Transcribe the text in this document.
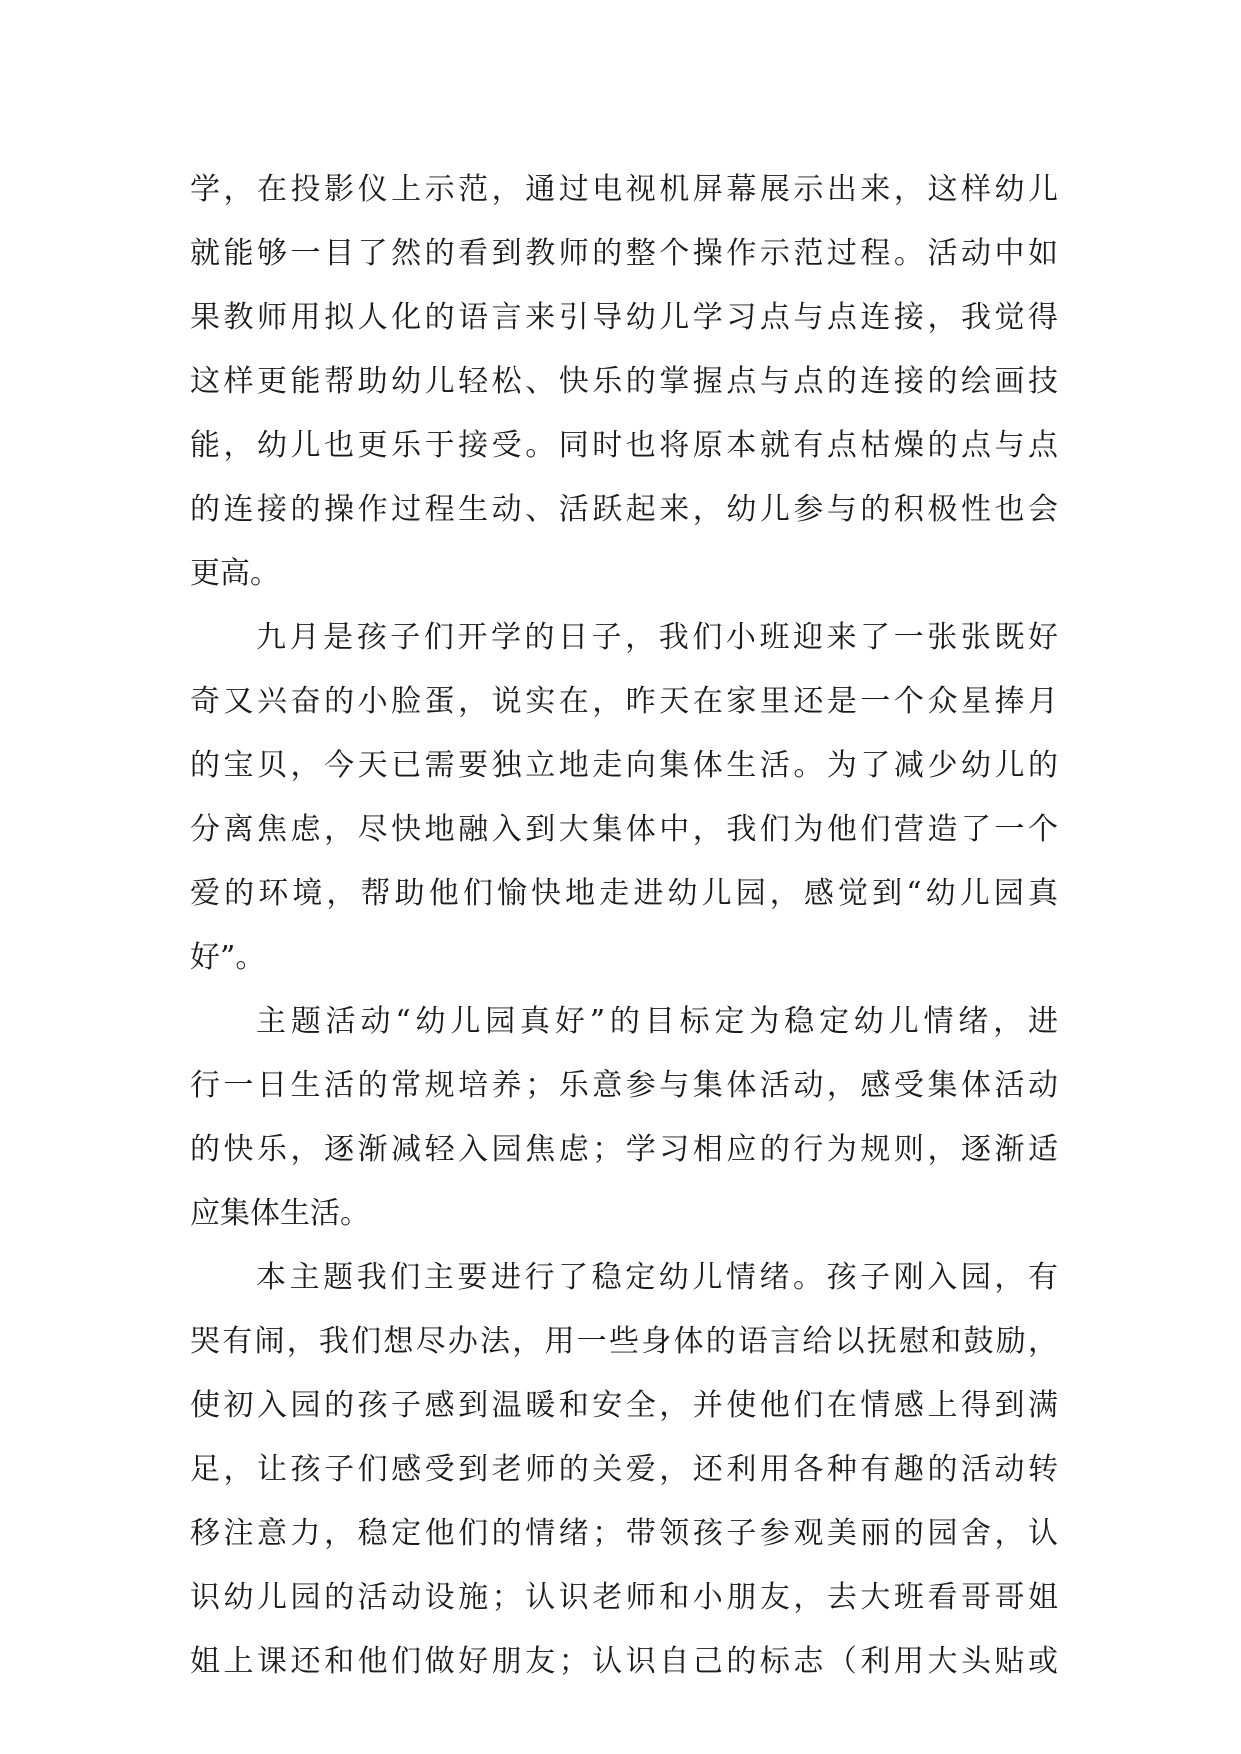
学，在投影仪上示范，通过电视机屏幕展示出来，这样幼儿
就能够一目了然的看到教师的整个操作示范过程。活动中如
果教师用拟人化的语言来引导幼儿学习点与点连接，我觉得
这样更能帮助幼儿轻松、快乐的掌握点与点的连接的绘画技
能，幼儿也更乐于接受。同时也将原本就有点枯燥的点与点
的连接的操作过程生动、活跃起来，幼儿参与的积极性也会
更高。
九月是孩子们开学的日子，我们小班迎来了一张张既好
奇又兴奋的小脸蛋，说实在，昨天在家里还是一个众星捧月
的宝贝，今天已需要独立地走向集体生活。为了减少幼儿的
分离焦虑，尽快地融入到大集体中，我们为他们营造了一个
爱的环境，帮助他们愉快地走进幼儿园，感觉到“幼儿园真
好”。
主题活动“幼儿园真好”的目标定为稳定幼儿情绪，进
行一日生活的常规培养；乐意参与集体活动，感受集体活动
的快乐，逐渐减轻入园焦虑；学习相应的行为规则，逐渐适
应集体生活。
本主题我们主要进行了稳定幼儿情绪。孩子刚入园，有
哭有闹，我们想尽办法，用一些身体的语言给以抚慰和鼓励，
使初入园的孩子感到温暖和安全，并使他们在情感上得到满
足，让孩子们感受到老师的关爱，还利用各种有趣的活动转
移注意力，稳定他们的情绪；带领孩子参观美丽的园舍，认
识幼儿园的活动设施；认识老师和小朋友，去大班看哥哥姐
姐上课还和他们做好朋友；认识自己的标志（利用大头贴或
